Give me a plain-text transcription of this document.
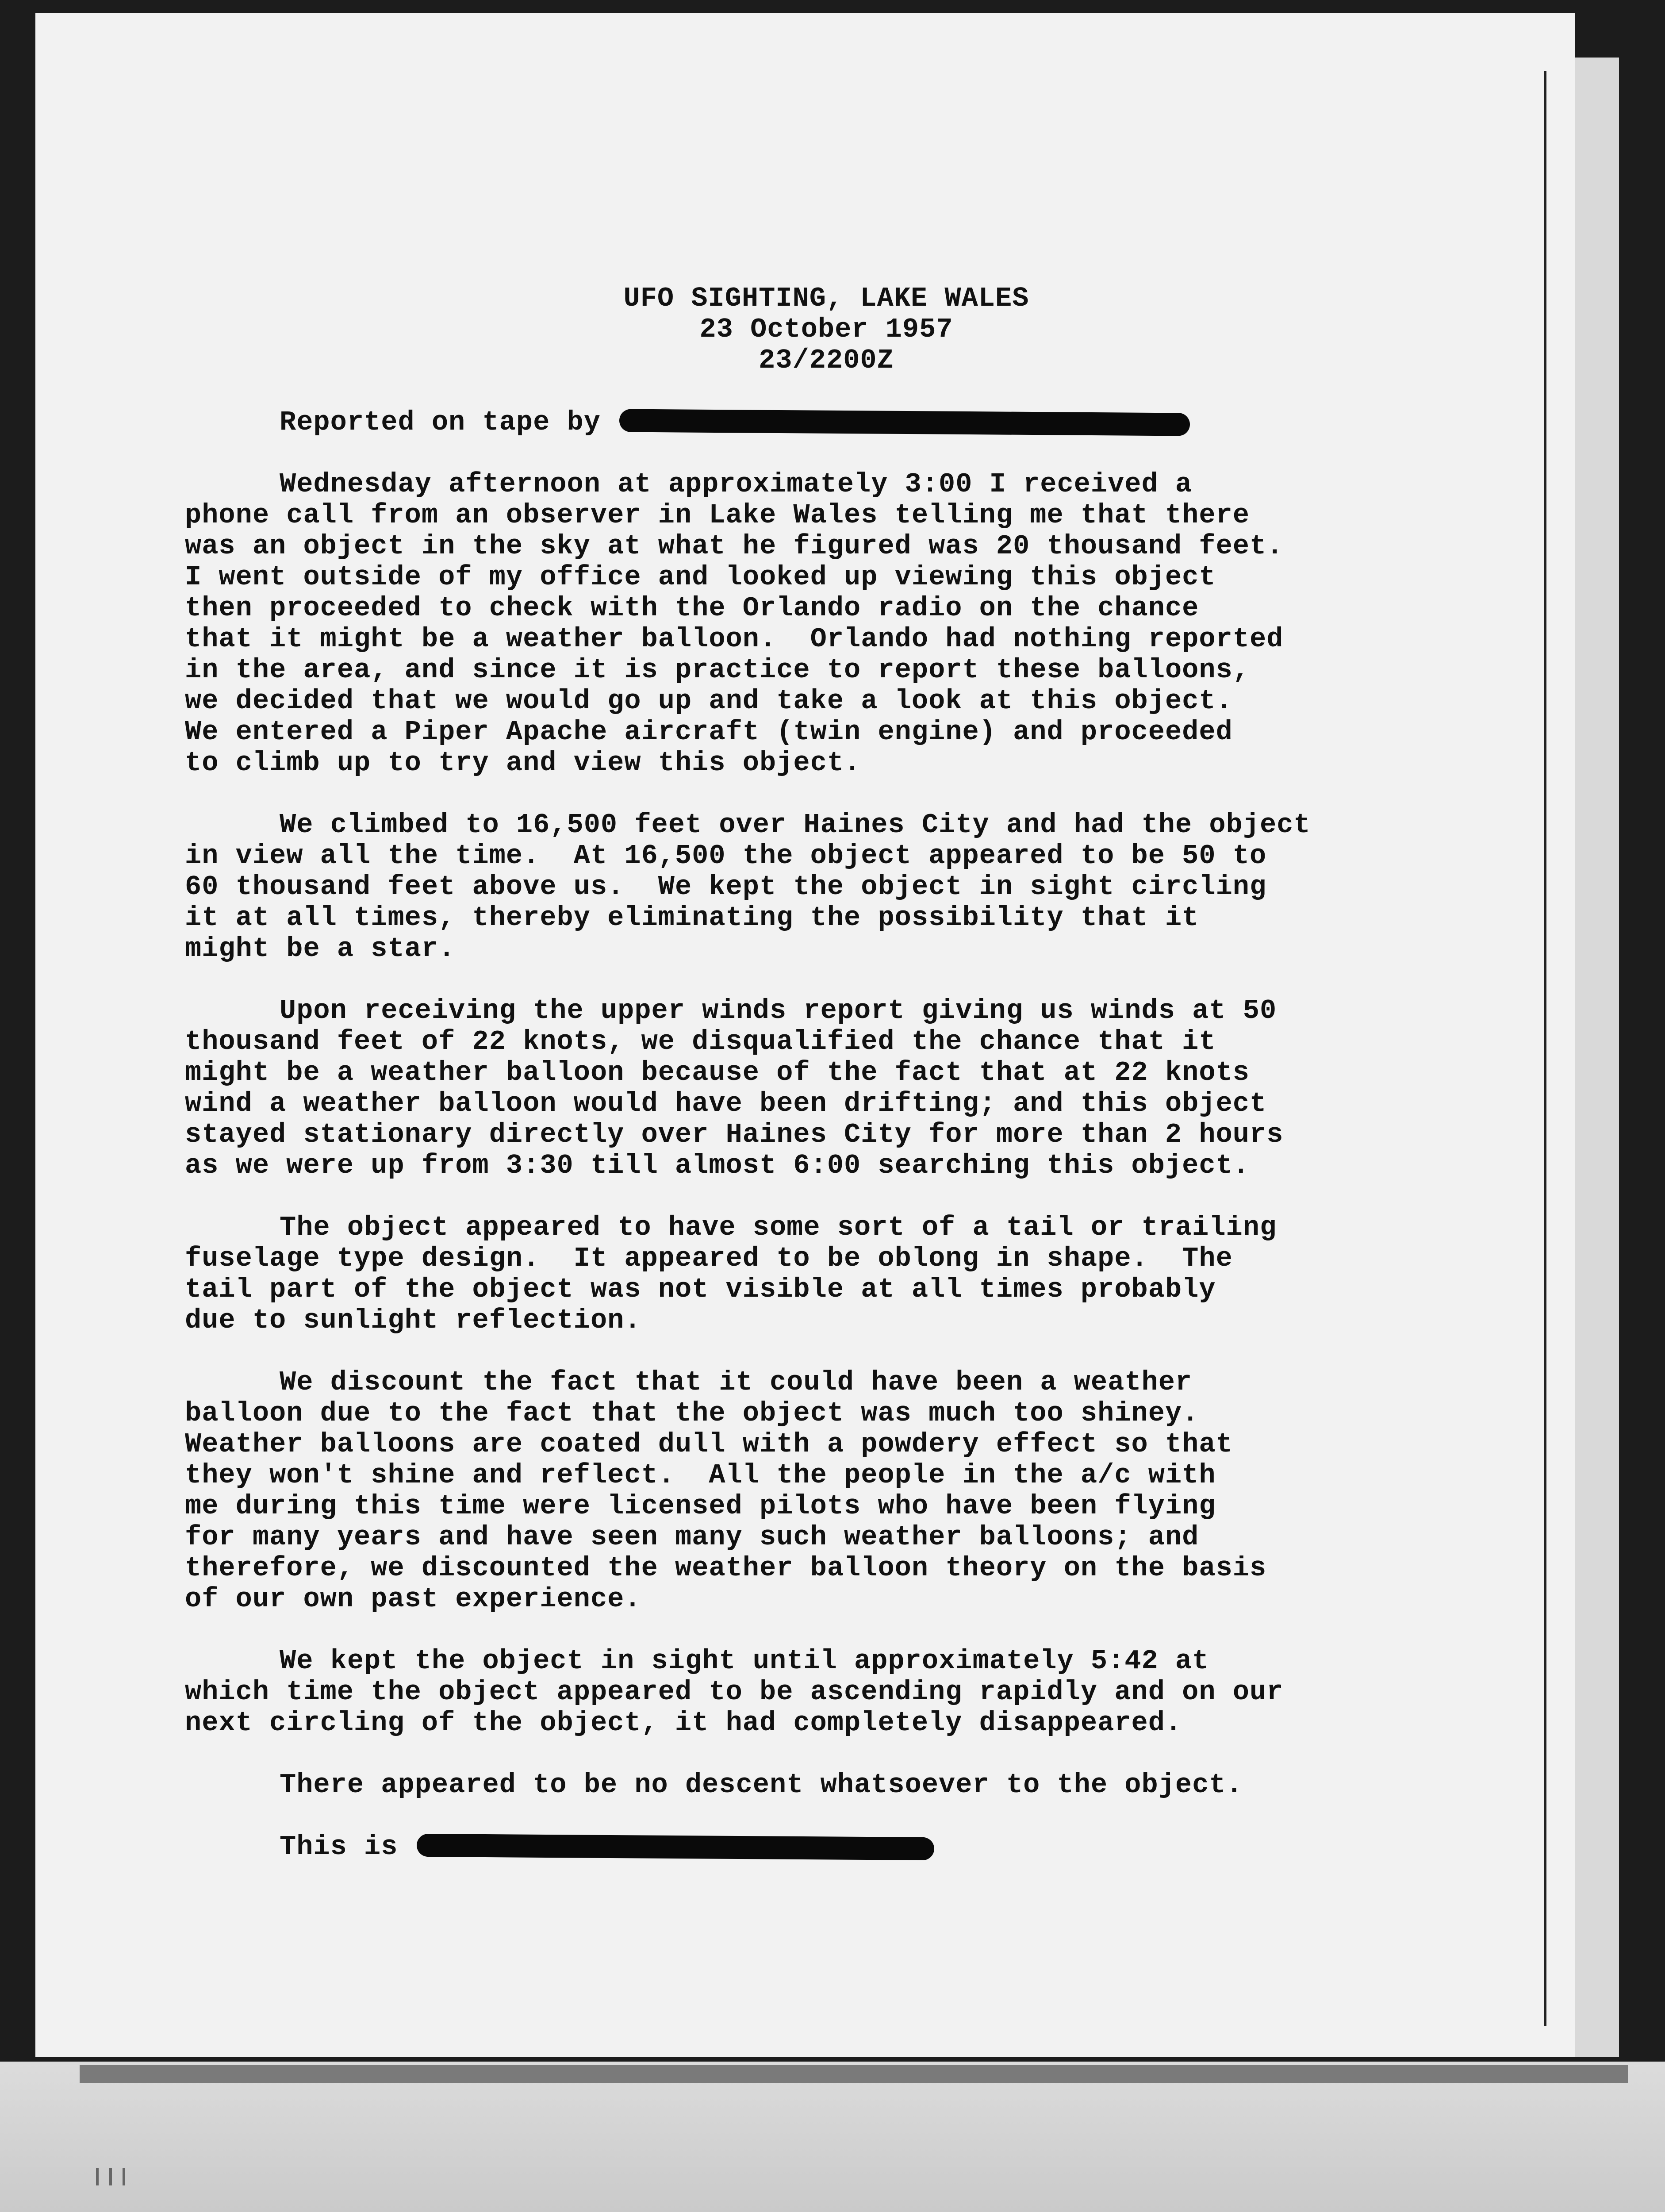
UFO SIGHTING, LAKE WALES
23 October 1957
23/2200Z
Reported on tape by
Wednesday afternoon at approximately 3:00 I received a
phone call from an observer in Lake Wales telling me that there
was an object in the sky at what he figured was 20 thousand feet.
I went outside of my office and looked up viewing this object
then proceeded to check with the Orlando radio on the chance
that it might be a weather balloon.  Orlando had nothing reported
in the area, and since it is practice to report these balloons,
we decided that we would go up and take a look at this object.
We entered a Piper Apache aircraft (twin engine) and proceeded
to climb up to try and view this object.
We climbed to 16,500 feet over Haines City and had the object
in view all the time.  At 16,500 the object appeared to be 50 to
60 thousand feet above us.  We kept the object in sight circling
it at all times, thereby eliminating the possibility that it
might be a star.
Upon receiving the upper winds report giving us winds at 50
thousand feet of 22 knots, we disqualified the chance that it
might be a weather balloon because of the fact that at 22 knots
wind a weather balloon would have been drifting; and this object
stayed stationary directly over Haines City for more than 2 hours
as we were up from 3:30 till almost 6:00 searching this object.
The object appeared to have some sort of a tail or trailing
fuselage type design.  It appeared to be oblong in shape.  The
tail part of the object was not visible at all times probably
due to sunlight reflection.
We discount the fact that it could have been a weather
balloon due to the fact that the object was much too shiney.
Weather balloons are coated dull with a powdery effect so that
they won't shine and reflect.  All the people in the a/c with
me during this time were licensed pilots who have been flying
for many years and have seen many such weather balloons; and
therefore, we discounted the weather balloon theory on the basis
of our own past experience.
We kept the object in sight until approximately 5:42 at
which time the object appeared to be ascending rapidly and on our
next circling of the object, it had completely disappeared.
There appeared to be no descent whatsoever to the object.
This is
